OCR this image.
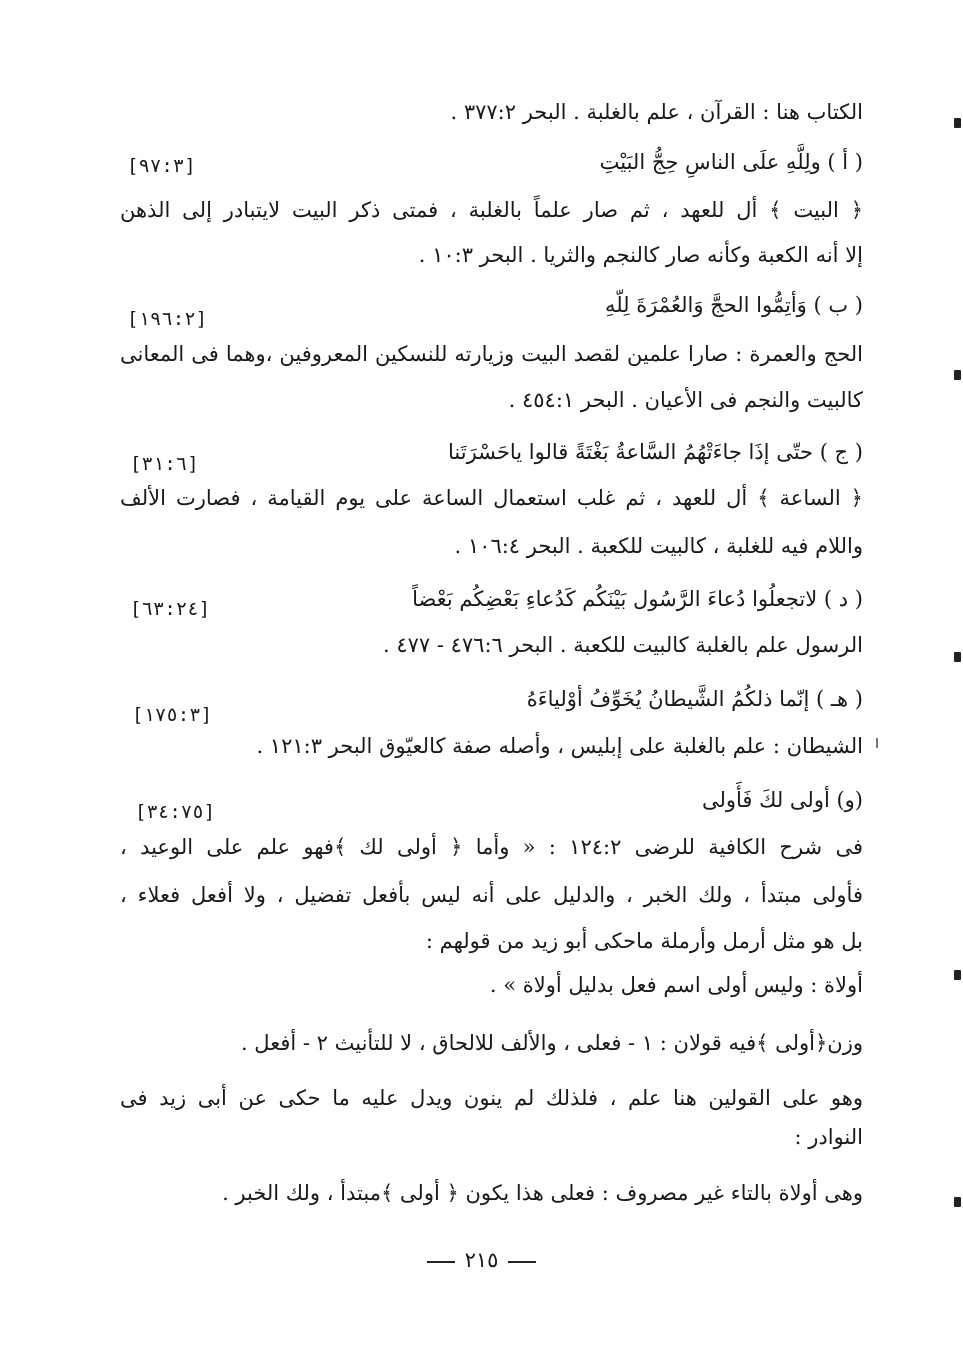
الكتاب هنا : القرآن ، علم بالغلبة . البحر ٣٧٧:٢ .
( أ ) ولِلَّهِ علَى الناسِ حِجُّ البَيْتِ
﴿ البيت ﴾ أل للعهد ، ثم صار علماً بالغلبة ، فمتى ذكر البيت لايتبادر إلى الذهن
إلا أنه الكعبة وكأنه صار كالنجم والثريا . البحر ١٠:٣ .
( ب ) وَأتِمُّوا الحجَّ وَالعُمْرَةَ لِلّهِ
الحج والعمرة : صارا علمين لقصد البيت وزيارته للنسكين المعروفين ،وهما فى المعانى
كالبيت والنجم فى الأعيان . البحر ٤٥٤:١ .
( ج ) حتّى إذَا جاءَتْهُمُ السَّاعةُ بَغْتَةً قالوا ياحَسْرَتَنا
﴿ الساعة ﴾ أل للعهد ، ثم غلب استعمال الساعة على يوم القيامة ، فصارت الألف
واللام فيه للغلبة ، كالبيت للكعبة . البحر ١٠٦:٤ .
( د ) لاتجعلُوا دُعاءَ الرَّسُول بَيْنَكُم كَدُعاءِ بَعْضِكُم بَعْضاً
الرسول علم بالغلبة كالبيت للكعبة . البحر ٤٧٦:٦ - ٤٧٧ .
( هـ ) إنّما ذلكُمُ الشَّيطانُ يُخَوِّفُ أوْلياءَهُ
الشيطان : علم بالغلبة على إبليس ، وأصله صفة كالعيّوق البحر ١٢١:٣ .
(و) أولى لكَ فَأَولى
فى شرح الكافية للرضى ١٢٤:٢ : « وأما ﴿ أولى لك ﴾فهو علم على الوعيد ،
فأولى مبتدأ ، ولك الخبر ، والدليل على أنه ليس بأفعل تفضيل ، ولا أفعل فعلاء ،
بل هو مثل أرمل وأرملة ماحكى أبو زيد من قولهم :
أولاة : وليس أولى اسم فعل بدليل أولاة » .
وزن﴿أولى ﴾فيه قولان : ١ - فعلى ، والألف للالحاق ، لا للتأنيث ٢ - أفعل .
وهو على القولين هنا علم ، فلذلك لم ينون ويدل عليه ما حكى عن أبى زيد فى
النوادر :
وهى أولاة بالتاء غير مصروف : فعلى هذا يكون ﴿ أولى ﴾مبتدأ ، ولك الخبر .
[٩٧:٣]
[١٩٦:٢]
[٣١:٦]
[٦٣:٢٤]
[١٧٥:٣]
[٣٤:٧٥]
٢١٥
